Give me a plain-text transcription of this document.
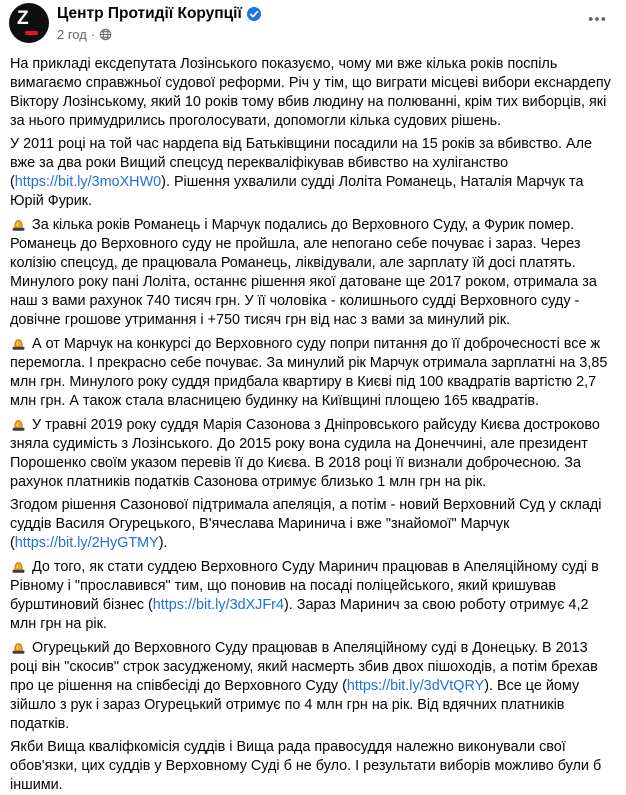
Z Центр Протидії Корупції
2 год ·
На прикладі ексдепутата Лозінського показуємо, чому ми вже кілька років поспіль вимагаємо справжньої судової реформи. Річ у тім, що виграти місцеві вибори екснардепу Віктору Лозінському, який 10 років тому вбив людину на полюванні, крім тих виборців, які за нього примудрились проголосувати, допомогли кілька судових рішень.
У 2011 році на той час нардепа від Батьківщини посадили на 15 років за вбивство. Але вже за два роки Вищий спецсуд перекваліфікував вбивство на хуліганство (https://bit.ly/3moXHW0). Рішення ухвалили судді Лоліта Романець, Наталія Марчук та Юрій Фурик.
За кілька років Романець і Марчук подались до Верховного Суду, а Фурик помер. Романець до Верховного суду не пройшла, але непогано себе почуває і зараз. Через колізію спецсуд, де працювала Романець, ліквідували, але зарплату їй досі платять. Минулого року пані Лоліта, останнє рішення якої датоване ще 2017 роком, отримала за наш з вами рахунок 740 тисяч грн. У її чоловіка - колишнього судді Верховного суду - довічне грошове утримання і +750 тисяч грн від нас з вами за минулий рік.
А от Марчук на конкурсі до Верховного суду попри питання до її доброчесності все ж перемогла. І прекрасно себе почуває. За минулий рік Марчук отримала зарплатні на 3,85 млн грн. Минулого року суддя придбала квартиру в Києві під 100 квадратів вартістю 2,7 млн грн. А також стала власницею будинку на Київщині площею 165 квадратів.
У травні 2019 року суддя Марія Сазонова з Дніпровського райсуду Києва достроково зняла судимість з Лозінського. До 2015 року вона судила на Донеччині, але президент Порошенко своїм указом перевів її до Києва. В 2018 році її визнали доброчесною. За рахунок платників податків Сазонова отримує близько 1 млн грн на рік.
Згодом рішення Сазонової підтримала апеляція, а потім - новий Верховний Суд у складі суддів Василя Огурецького, В'ячеслава Маринича і вже "знайомої" Марчук (https://bit.ly/2HyGTMY).
До того, як стати суддею Верховного Суду Маринич працював в Апеляційному суді в Рівному і "прославився" тим, що поновив на посаді поліцейського, який кришував бурштиновий бізнес (https://bit.ly/3dXJFr4). Зараз Маринич за свою роботу отримує 4,2 млн грн на рік.
Огурецький до Верховного Суду працював в Апеляційному суді в Донецьку. В 2013 році він "скосив" строк засудженому, який насмерть збив двох пішоходів, а потім брехав про це рішення на співбесіді до Верховного Суду (https://bit.ly/3dVtQRY). Все це йому зійшло з рук і зараз Огурецький отримує по 4 млн грн на рік. Від вдячних платників податків.
Якби Вища кваліфкомісія суддів і Вища рада правосуддя належно виконували свої обов'язки, цих суддів у Верховному Суді б не було. І результати виборів можливо були б іншими.
